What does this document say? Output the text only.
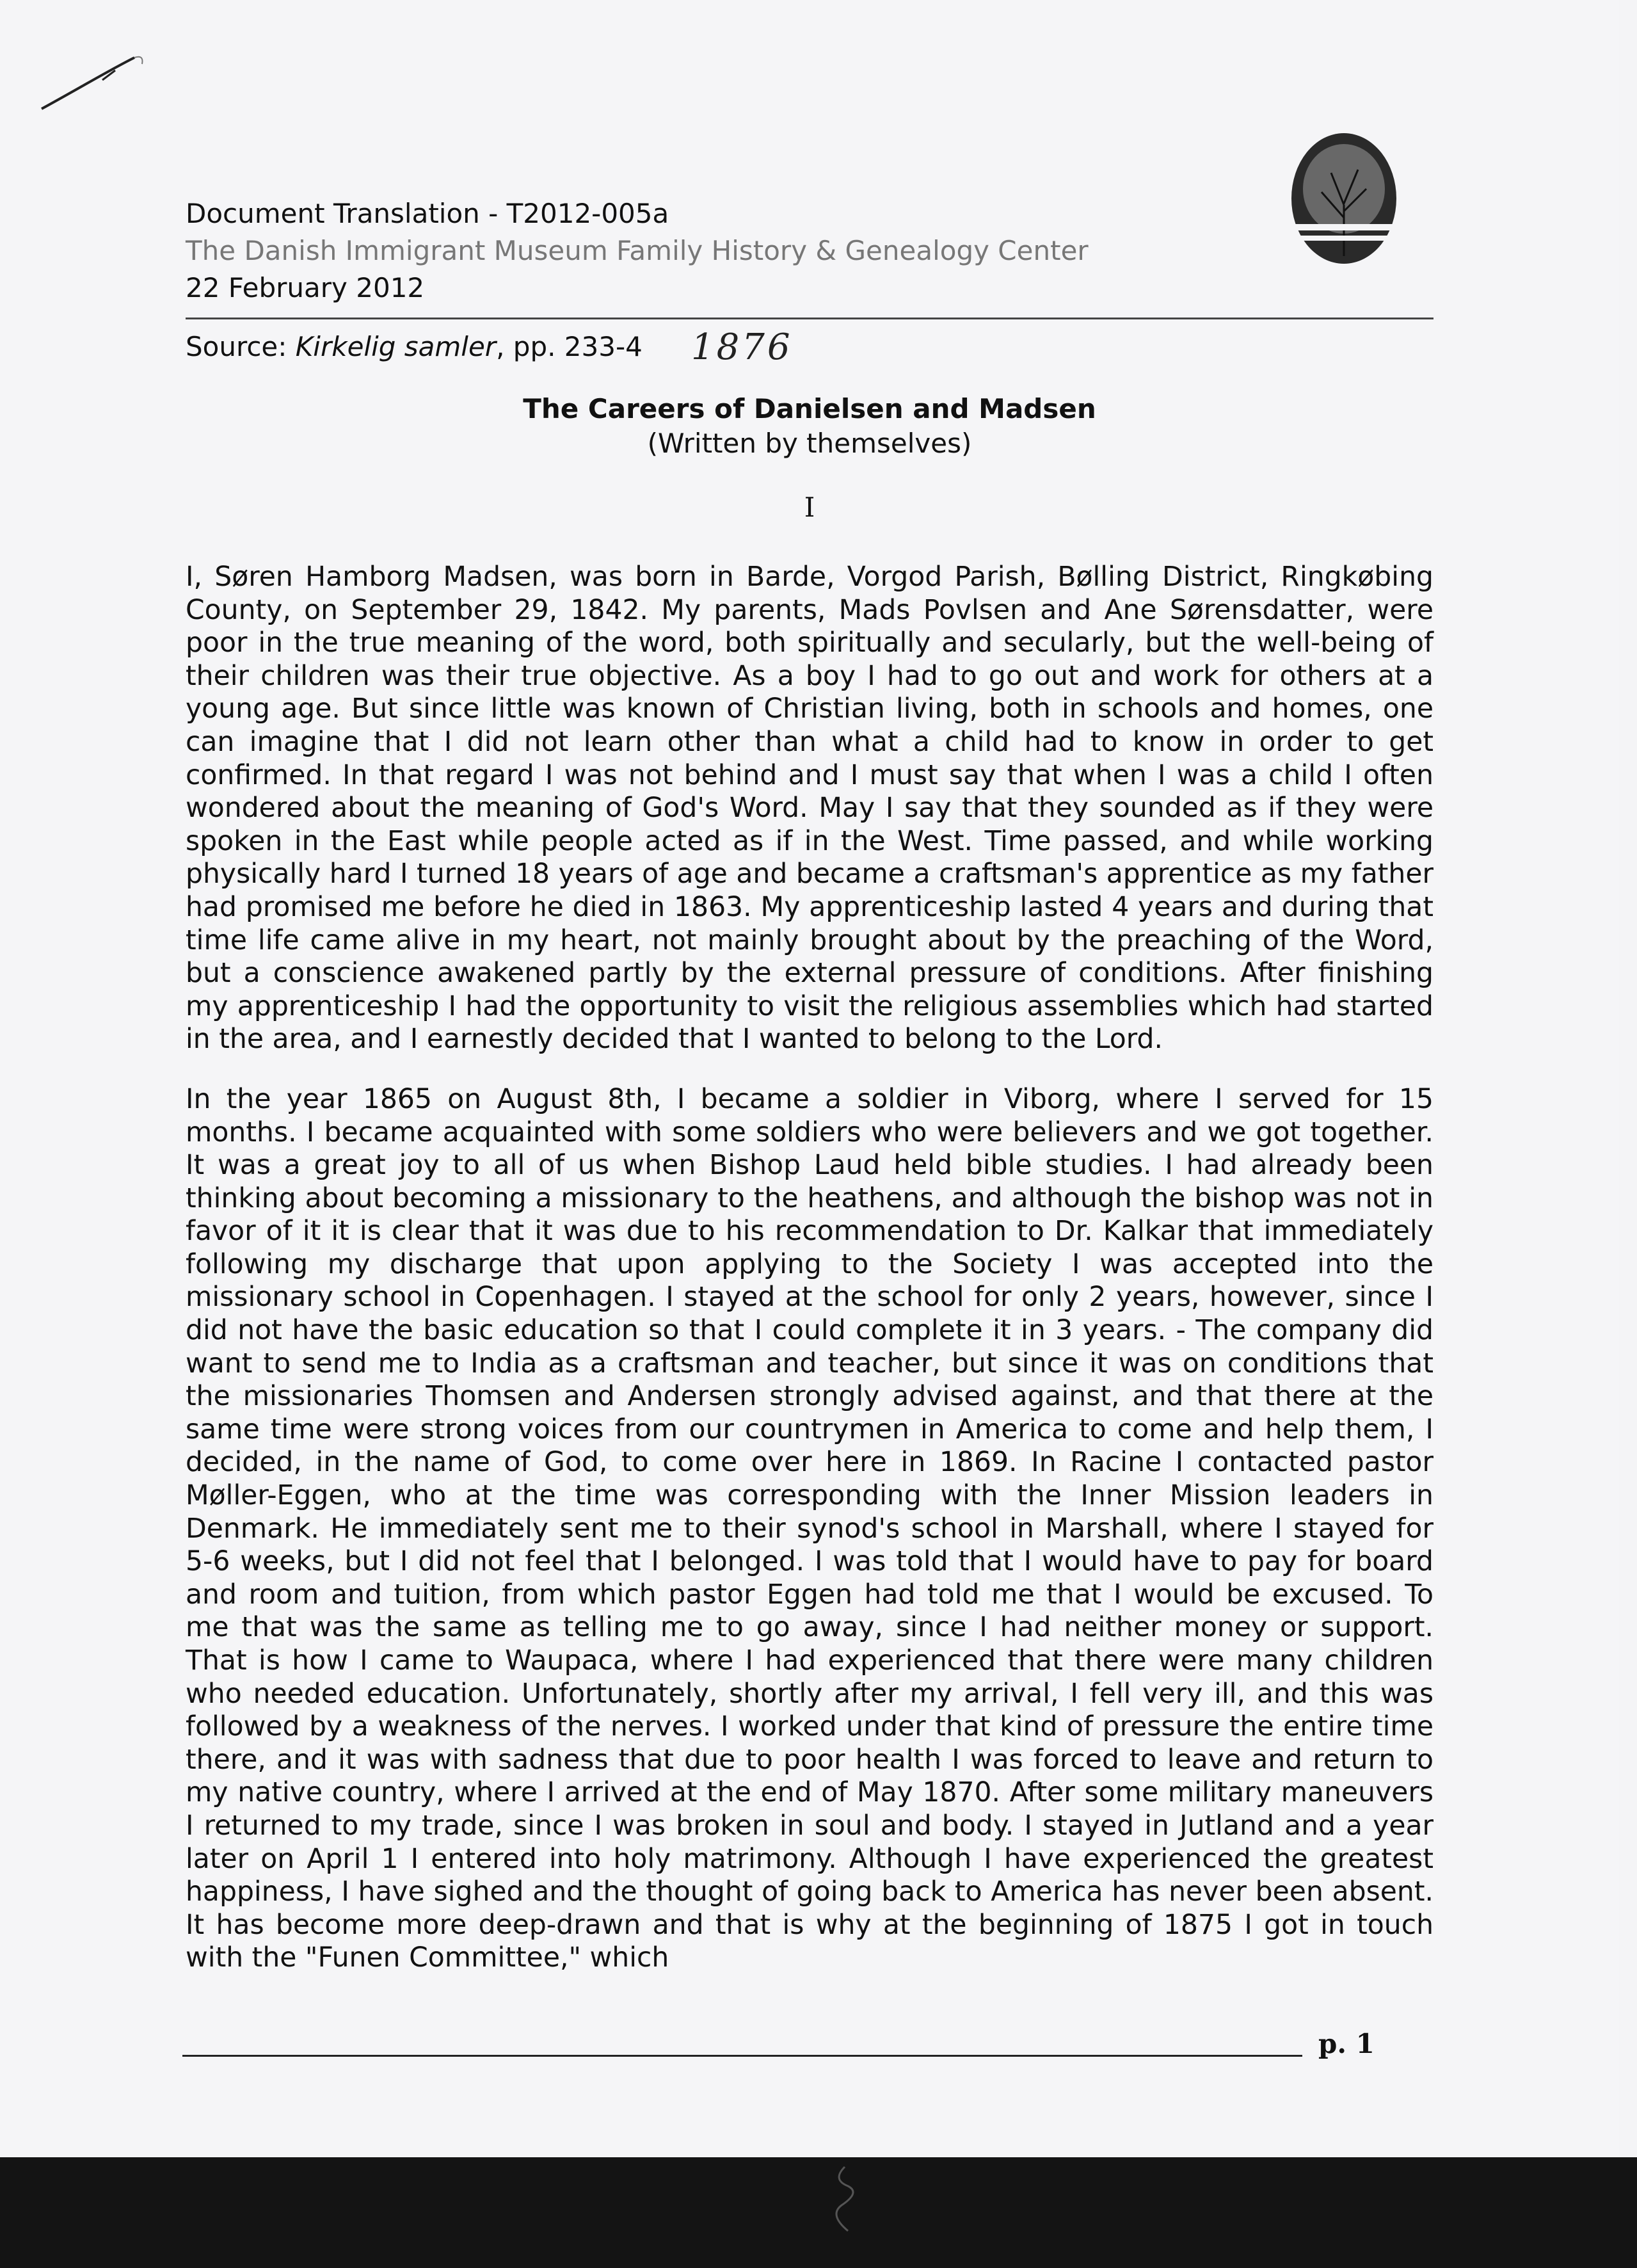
Document Translation - T2012-005a
The Danish Immigrant Museum Family History & Genealogy Center
22 February 2012
Source: Kirkelig samler, pp. 233-4 1876
The Careers of Danielsen and Madsen
(Written by themselves)
I

I, Søren Hamborg Madsen, was born in Barde, Vorgod Parish, Bølling District, Ringkøbing County, on September 29, 1842. My parents, Mads Povlsen and Ane Sørensdatter, were poor in the true meaning of the word, both spiritually and secularly, but the well-being of their children was their true objective. As a boy I had to go out and work for others at a young age. But since little was known of Christian living, both in schools and homes, one can imagine that I did not learn other than what a child had to know in order to get confirmed. In that regard I was not behind and I must say that when I was a child I often wondered about the meaning of God's Word. May I say that they sounded as if they were spoken in the East while people acted as if in the West. Time passed, and while working physically hard I turned 18 years of age and became a craftsman's apprentice as my father had promised me before he died in 1863. My apprenticeship lasted 4 years and during that time life came alive in my heart, not mainly brought about by the preaching of the Word, but a conscience awakened partly by the external pressure of conditions. After finishing my apprenticeship I had the opportunity to visit the religious assemblies which had started in the area, and I earnestly decided that I wanted to belong to the Lord.

In the year 1865 on August 8th, I became a soldier in Viborg, where I served for 15 months. I became acquainted with some soldiers who were believers and we got together. It was a great joy to all of us when Bishop Laud held bible studies. I had already been thinking about becoming a missionary to the heathens, and although the bishop was not in favor of it it is clear that it was due to his recommendation to Dr. Kalkar that immediately following my discharge that upon applying to the Society I was accepted into the missionary school in Copenhagen. I stayed at the school for only 2 years, however, since I did not have the basic education so that I could complete it in 3 years. - The company did want to send me to India as a craftsman and teacher, but since it was on conditions that the missionaries Thomsen and Andersen strongly advised against, and that there at the same time were strong voices from our countrymen in America to come and help them, I decided, in the name of God, to come over here in 1869. In Racine I contacted pastor Møller-Eggen, who at the time was corresponding with the Inner Mission leaders in Denmark. He immediately sent me to their synod's school in Marshall, where I stayed for 5-6 weeks, but I did not feel that I belonged. I was told that I would have to pay for board and room and tuition, from which pastor Eggen had told me that I would be excused. To me that was the same as telling me to go away, since I had neither money or support. That is how I came to Waupaca, where I had experienced that there were many children who needed education. Unfortunately, shortly after my arrival, I fell very ill, and this was followed by a weakness of the nerves. I worked under that kind of pressure the entire time there, and it was with sadness that due to poor health I was forced to leave and return to my native country, where I arrived at the end of May 1870. After some military maneuvers I returned to my trade, since I was broken in soul and body. I stayed in Jutland and a year later on April 1 I entered into holy matrimony. Although I have experienced the greatest happiness, I have sighed and the thought of going back to America has never been absent. It has become more deep-drawn and that is why at the beginning of 1875 I got in touch with the "Funen Committee," which

p. 1
